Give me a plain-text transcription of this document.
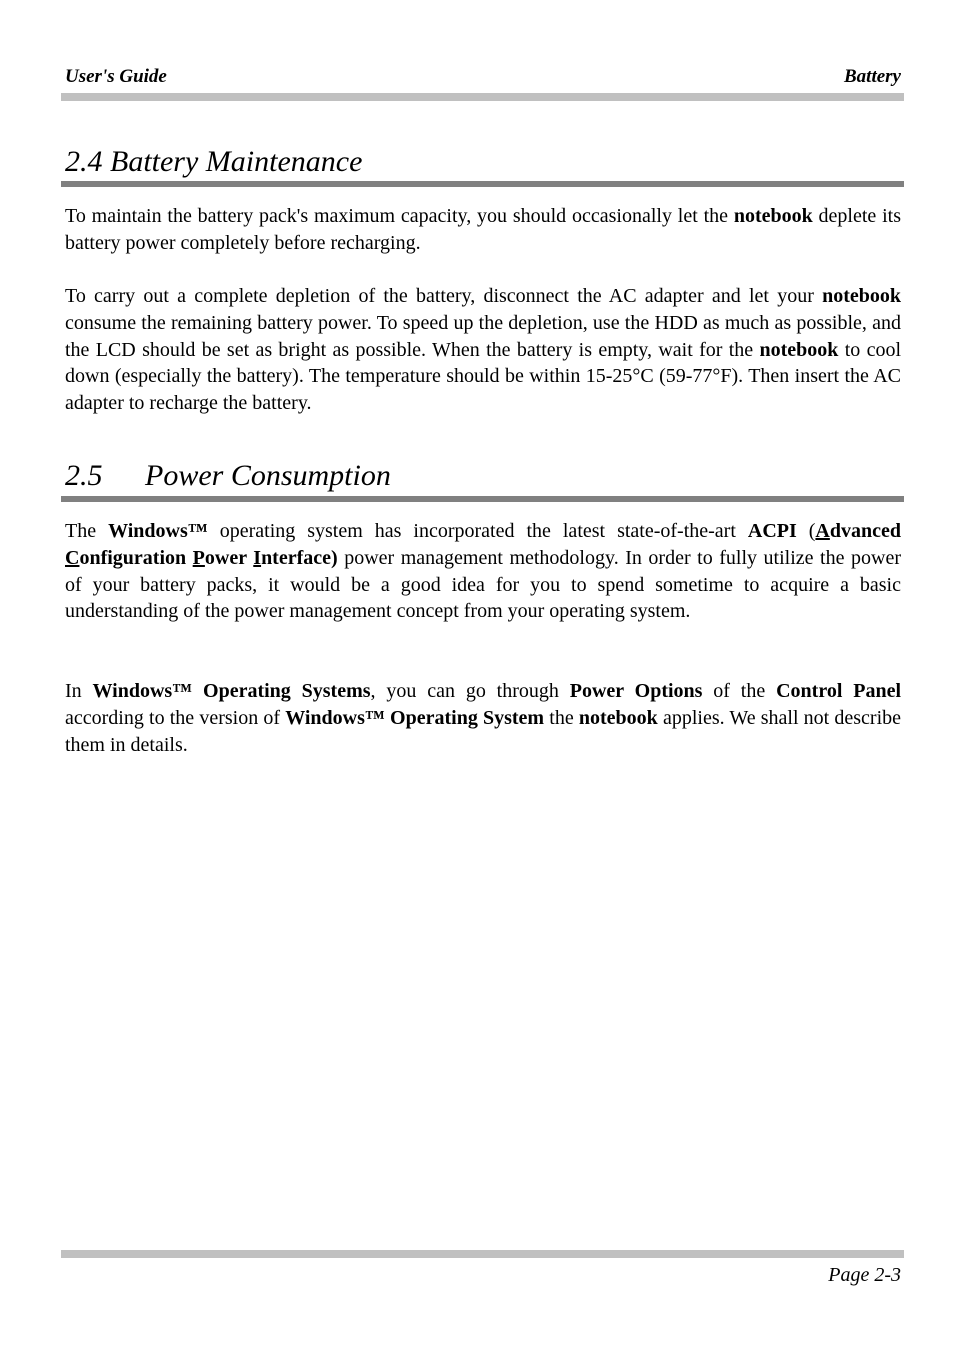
User's Guide	Battery
2.4 Battery Maintenance

To maintain the battery pack's maximum capacity, you should occasionally let the notebook deplete its battery power completely before recharging.

To carry out a complete depletion of the battery, disconnect the AC adapter and let your notebook consume the remaining battery power. To speed up the depletion, use the HDD as much as possible, and the LCD should be set as bright as possible. When the battery is empty, wait for the notebook to cool down (especially the battery). The temperature should be within 15-25°C (59-77°F). Then insert the AC adapter to recharge the battery.

2.5 Power Consumption

The Windows™ operating system has incorporated the latest state-of-the-art ACPI (Advanced Configuration Power Interface) power management methodology. In order to fully utilize the power of your battery packs, it would be a good idea for you to spend sometime to acquire a basic understanding of the power management concept from your operating system.

In Windows™ Operating Systems, you can go through Power Options of the Control Panel according to the version of Windows™ Operating System the notebook applies. We shall not describe them in details.

Page 2-3
